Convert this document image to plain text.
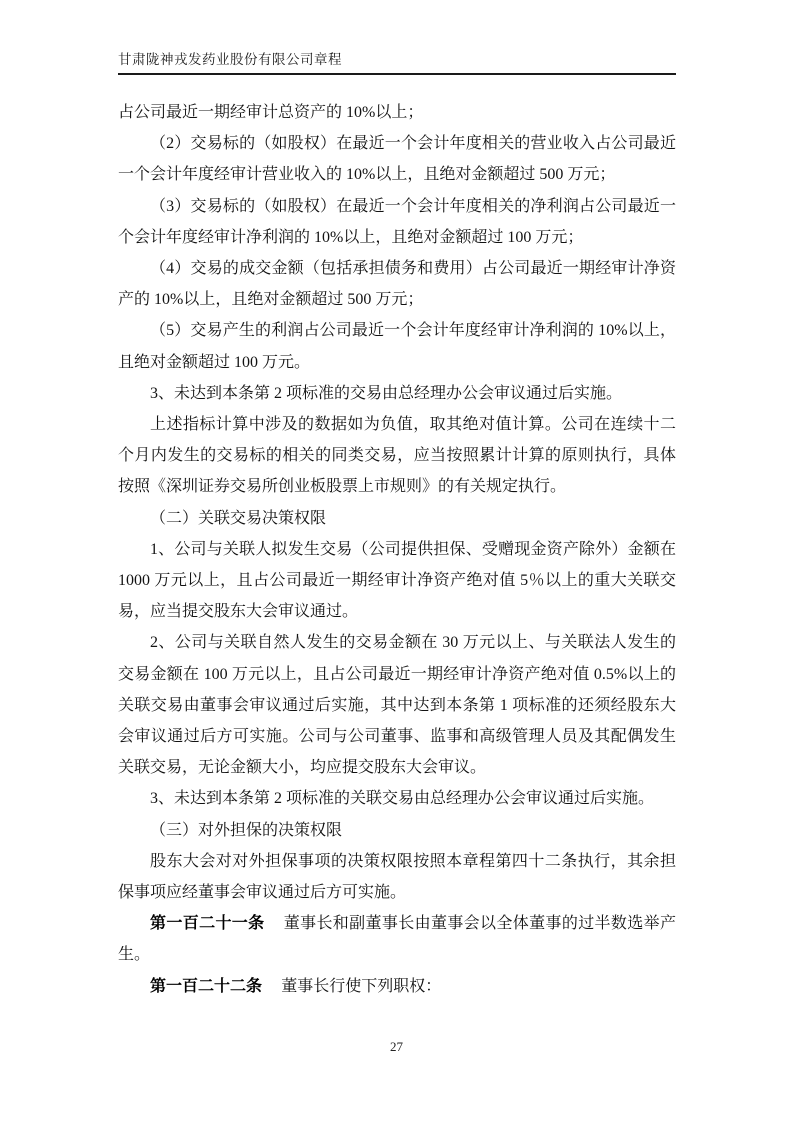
甘肃陇神戎发药业股份有限公司章程

占公司最近一期经审计总资产的 10%以上；

（2）交易标的（如股权）在最近一个会计年度相关的营业收入占公司最近一个会计年度经审计营业收入的 10%以上，且绝对金额超过 500 万元；

（3）交易标的（如股权）在最近一个会计年度相关的净利润占公司最近一个会计年度经审计净利润的 10%以上，且绝对金额超过 100 万元；

（4）交易的成交金额（包括承担债务和费用）占公司最近一期经审计净资产的 10%以上，且绝对金额超过 500 万元；

（5）交易产生的利润占公司最近一个会计年度经审计净利润的 10%以上，且绝对金额超过 100 万元。

3、未达到本条第 2 项标准的交易由总经理办公会审议通过后实施。

上述指标计算中涉及的数据如为负值，取其绝对值计算。公司在连续十二个月内发生的交易标的相关的同类交易，应当按照累计计算的原则执行，具体按照《深圳证券交易所创业板股票上市规则》的有关规定执行。

（二）关联交易决策权限

1、公司与关联人拟发生交易（公司提供担保、受赠现金资产除外）金额在 1000 万元以上，且占公司最近一期经审计净资产绝对值 5％以上的重大关联交易，应当提交股东大会审议通过。

2、公司与关联自然人发生的交易金额在 30 万元以上、与关联法人发生的交易金额在 100 万元以上，且占公司最近一期经审计净资产绝对值 0.5%以上的关联交易由董事会审议通过后实施，其中达到本条第 1 项标准的还须经股东大会审议通过后方可实施。公司与公司董事、监事和高级管理人员及其配偶发生关联交易，无论金额大小，均应提交股东大会审议。

3、未达到本条第 2 项标准的关联交易由总经理办公会审议通过后实施。

（三）对外担保的决策权限

股东大会对对外担保事项的决策权限按照本章程第四十二条执行，其余担保事项应经董事会审议通过后方可实施。

第一百二十一条 董事长和副董事长由董事会以全体董事的过半数选举产生。

第一百二十二条 董事长行使下列职权：

27
